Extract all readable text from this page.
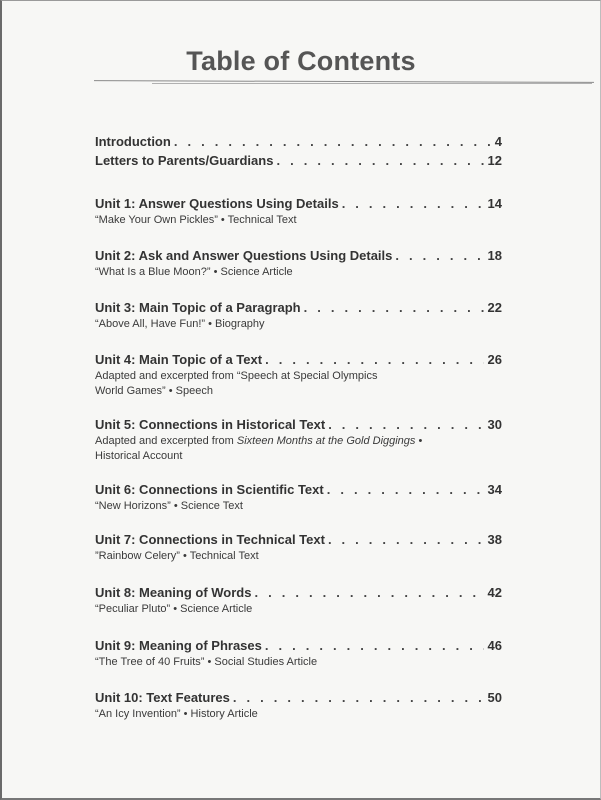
Table of Contents
Introduction . . .	4
Letters to Parents/Guardians . . .	12
Unit 1: Answer Questions Using Details . . .	14
“Make Your Own Pickles” • Technical Text
Unit 2: Ask and Answer Questions Using Details . . .	18
“What Is a Blue Moon?” • Science Article
Unit 3: Main Topic of a Paragraph . . .	22
“Above All, Have Fun!” • Biography
Unit 4: Main Topic of a Text . . .	26
Adapted and excerpted from “Speech at Special Olympics
World Games” • Speech
Unit 5: Connections in Historical Text . . .	30
Adapted and excerpted from Sixteen Months at the Gold Diggings •
Historical Account
Unit 6: Connections in Scientific Text . . .	34
“New Horizons” • Science Text
Unit 7: Connections in Technical Text . . .	38
”Rainbow Celery” • Technical Text
Unit 8: Meaning of Words . . .	42
“Peculiar Pluto” • Science Article
Unit 9: Meaning of Phrases . . .	46
“The Tree of 40 Fruits” • Social Studies Article
Unit 10: Text Features . . .	50
“An Icy Invention” • History Article
